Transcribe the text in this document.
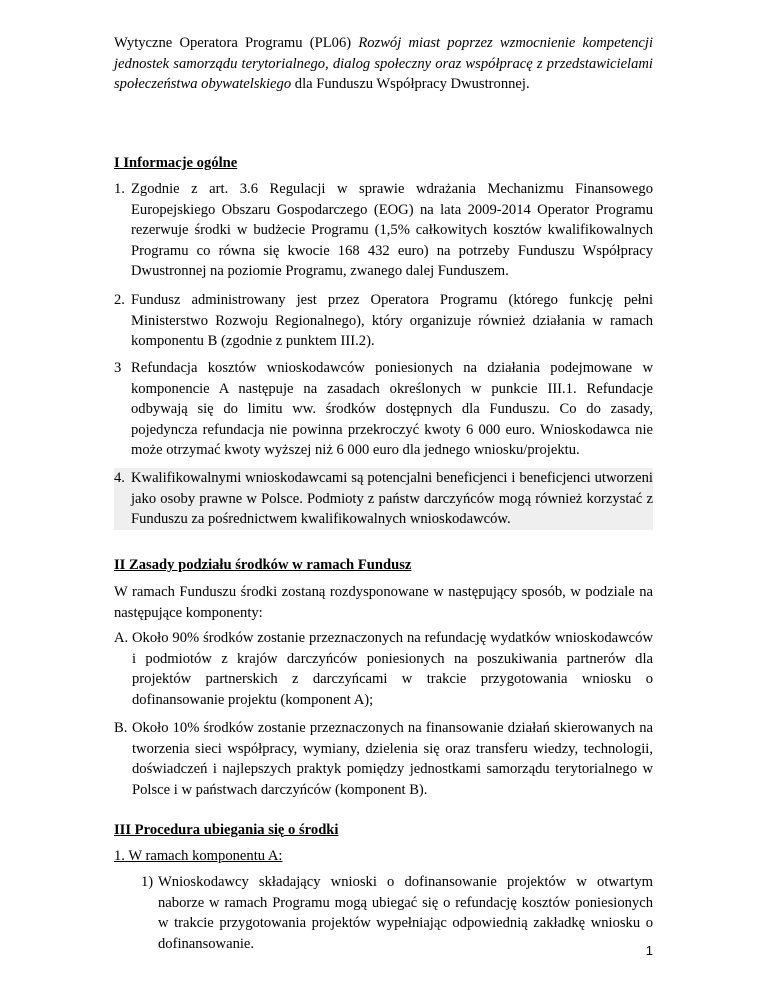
Wytyczne Operatora Programu (PL06) Rozwój miast poprzez wzmocnienie kompetencji jednostek samorządu terytorialnego, dialog społeczny oraz współpracę z przedstawicielami społeczeństwa obywatelskiego dla Funduszu Współpracy Dwustronnej.

I Informacje ogólne
1. Zgodnie z art. 3.6 Regulacji w sprawie wdrażania Mechanizmu Finansowego Europejskiego Obszaru Gospodarczego (EOG) na lata 2009-2014 Operator Programu rezerwuje środki w budżecie Programu (1,5% całkowitych kosztów kwalifikowalnych Programu co równa się kwocie 168 432 euro) na potrzeby Funduszu Współpracy Dwustronnej na poziomie Programu, zwanego dalej Funduszem.
2. Fundusz administrowany jest przez Operatora Programu (którego funkcję pełni Ministerstwo Rozwoju Regionalnego), który organizuje również działania w ramach komponentu B (zgodnie z punktem III.2).
3 Refundacja kosztów wnioskodawców poniesionych na działania podejmowane w komponencie A następuje na zasadach określonych w punkcie III.1. Refundacje odbywają się do limitu ww. środków dostępnych dla Funduszu. Co do zasady, pojedyncza refundacja nie powinna przekroczyć kwoty 6 000 euro. Wnioskodawca nie może otrzymać kwoty wyższej niż 6 000 euro dla jednego wniosku/projektu.
4. Kwalifikowalnymi wnioskodawcami są potencjalni beneficjenci i beneficjenci utworzeni jako osoby prawne w Polsce. Podmioty z państw darczyńców mogą również korzystać z Funduszu za pośrednictwem kwalifikowalnych wnioskodawców.
II Zasady podziału środków w ramach Fundusz
W ramach Funduszu środki zostaną rozdysponowane w następujący sposób, w podziale na następujące komponenty:
A. Około 90% środków zostanie przeznaczonych na refundację wydatków wnioskodawców i podmiotów z krajów darczyńców poniesionych na poszukiwania partnerów dla projektów partnerskich z darczyńcami w trakcie przygotowania wniosku o dofinansowanie projektu (komponent A);
B. Około 10% środków zostanie przeznaczonych na finansowanie działań skierowanych na tworzenia sieci współpracy, wymiany, dzielenia się oraz transferu wiedzy, technologii, doświadczeń i najlepszych praktyk pomiędzy jednostkami samorządu terytorialnego w Polsce i w państwach darczyńców (komponent B).
III Procedura ubiegania się o środki
1. W ramach komponentu A:
1) Wnioskodawcy składający wnioski o dofinansowanie projektów w otwartym naborze w ramach Programu mogą ubiegać się o refundację kosztów poniesionych w trakcie przygotowania projektów wypełniając odpowiednią zakładkę wniosku o dofinansowanie.	1
